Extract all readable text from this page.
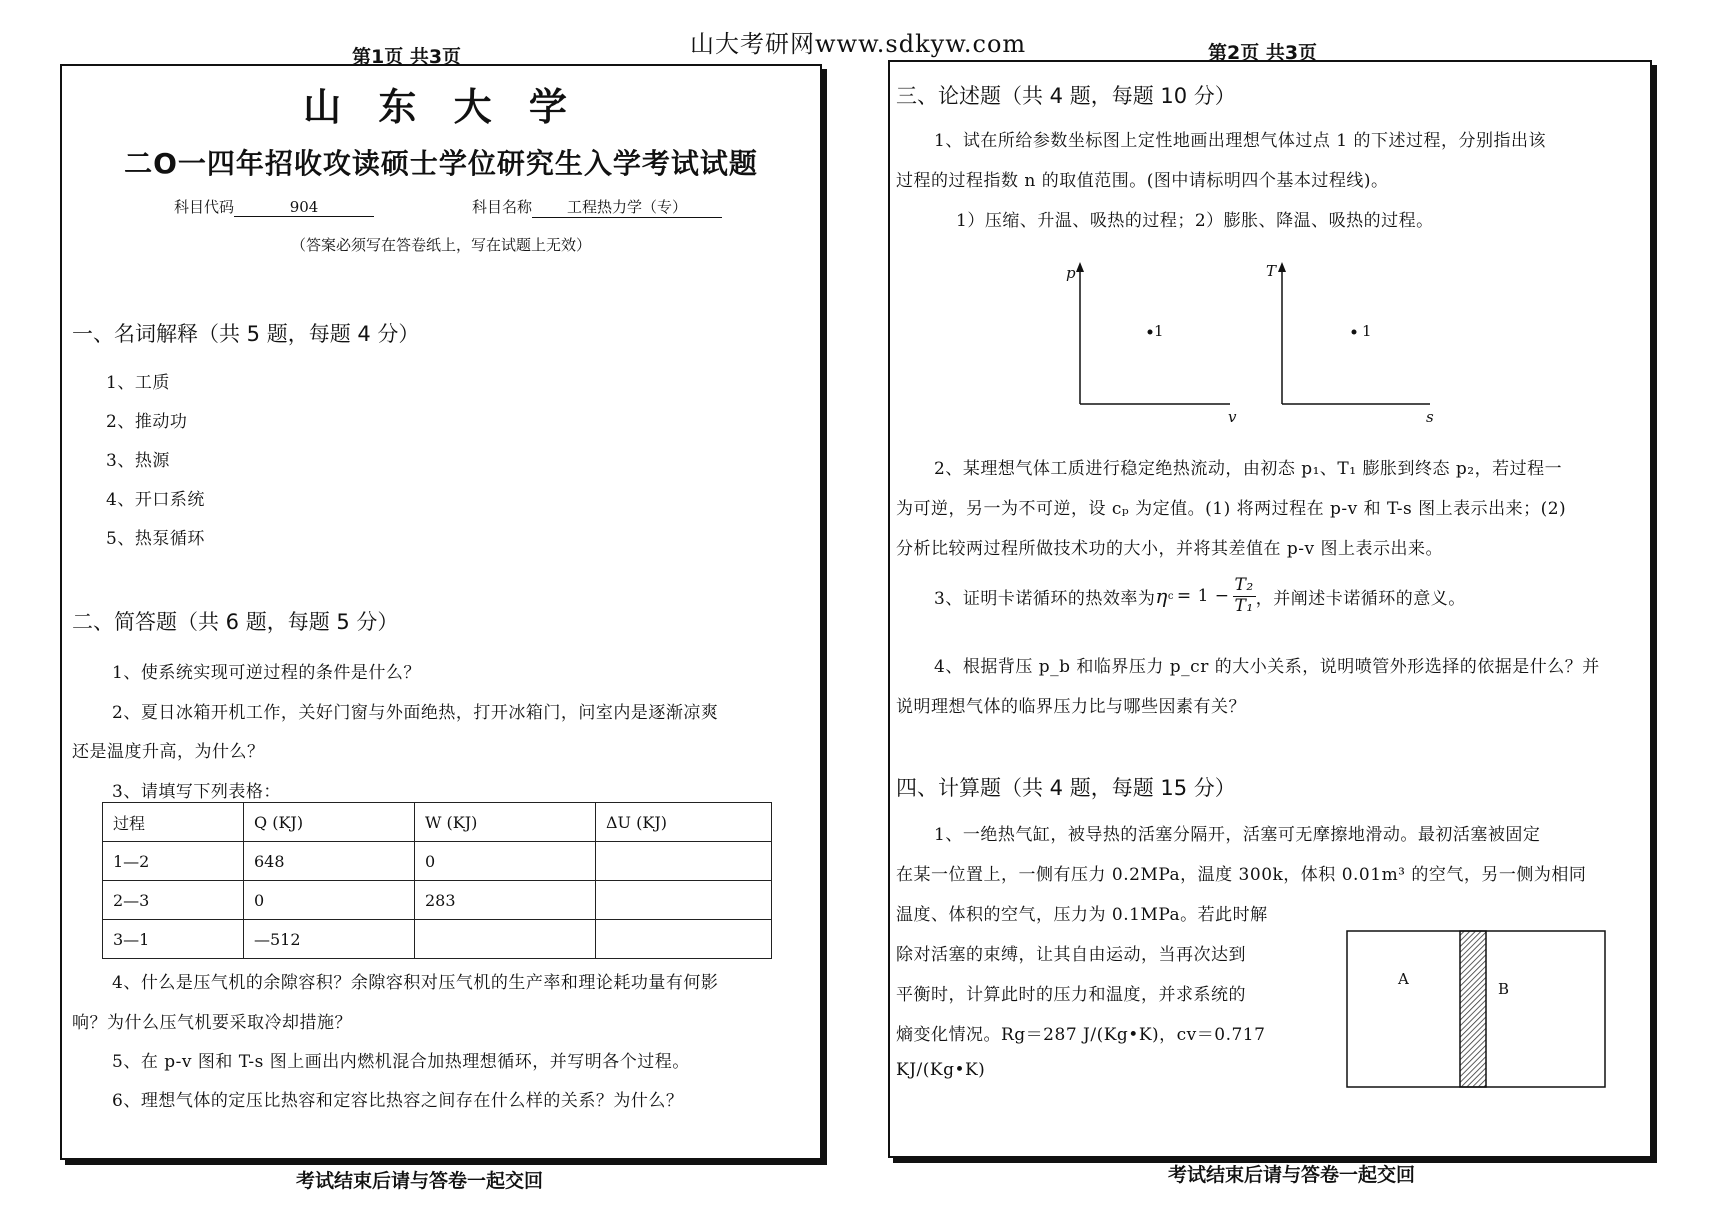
山大考研网www.sdkyw.com
第1页 共3页
山 东 大 学
二O一四年招收攻读硕士学位研究生入学考试试题
科目代码	904	科目名称 工程热力学（专）
（答案必须写在答卷纸上，写在试题上无效）
一、名词解释（共 5 题，每题 4 分）
1、工质
2、推动功
3、热源
4、开口系统
5、热泵循环
二、简答题（共 6 题，每题 5 分）
1、使系统实现可逆过程的条件是什么？
2、夏日冰箱开机工作，关好门窗与外面绝热，打开冰箱门，问室内是逐渐凉爽
还是温度升高，为什么？
3、请填写下列表格：
过程	Q (KJ)	W (KJ)	ΔU (KJ)
1—2	648	0	
2—3	0	283	
3—1	—512		
4、什么是压气机的余隙容积？余隙容积对压气机的生产率和理论耗功量有何影
响？为什么压气机要采取冷却措施？
5、在 p-v 图和 T-s 图上画出内燃机混合加热理想循环，并写明各个过程。
6、理想气体的定压比热容和定容比热容之间存在什么样的关系？为什么？
考试结束后请与答卷一起交回
第2页 共3页
三、论述题（共 4 题，每题 10 分）
1、试在所给参数坐标图上定性地画出理想气体过点 1 的下述过程，分别指出该
过程的过程指数 n 的取值范围。(图中请标明四个基本过程线)。
1）压缩、升温、吸热的过程；2）膨胀、降温、吸热的过程。
p
v
1
T
s
1
2、某理想气体工质进行稳定绝热流动，由初态 p₁、T₁ 膨胀到终态 p₂，若过程一
为可逆，另一为不可逆，设 cₚ 为定值。(1) 将两过程在 p-v 和 T-s 图上表示出来；(2)
分析比较两过程所做技术功的大小，并将其差值在 p-v 图上表示出来。
3、证明卡诺循环的热效率为 η $c = 1 - \frac{\text{T₂}}{\text{T₁}}$ ，并阐述卡诺循环的意义。
4、根据背压 p_b 和临界压力 p_cr 的大小关系，说明喷管外形选择的依据是什么？并
说明理想气体的临界压力比与哪些因素有关？
四、计算题（共 4 题，每题 15 分）
1、一绝热气缸，被导热的活塞分隔开，活塞可无摩擦地滑动。最初活塞被固定
在某一位置上，一侧有压力 0.2MPa，温度 300k，体积 0.01m³ 的空气，另一侧为相同
温度、体积的空气，压力为 0.1MPa。若此时解
除对活塞的束缚，让其自由运动，当再次达到
平衡时，计算此时的压力和温度，并求系统的
熵变化情况。Rg＝287 J/(Kg•K)，cv＝0.717
KJ/(Kg•K)
A
B
考试结束后请与答卷一起交回
